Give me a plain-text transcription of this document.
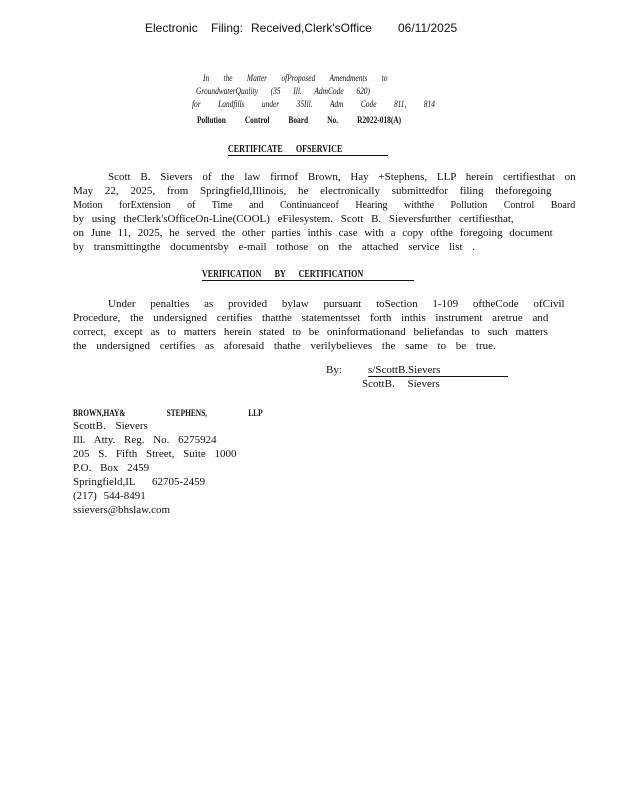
Electronic Filing: Received,Clerk'sOffice 06/11/2025
In the Matter ofProposed Amendments to
GroundwaterQuality (35 Ill. AdmCode 620)
for Landfills under 35Ill. Adm Code 811, 814
Pollution Control Board No. R2022-018(A)
CERTIFICATE OFSERVICE
Scott B. Sievers of the law firmof Brown, Hay +Stephens, LLP herein certifiesthat on
May 22, 2025, from Springfield,Illinois, he electronically submittedfor filing theforegoing
Motion forExtension of Time and Continuanceof Hearing withthe Pollution Control Board
by using theClerk'sOfficeOn-Line(COOL) eFilesystem. Scott B. Sieversfurther certifiesthat,
on June 11, 2025, he served the other parties inthis case with a copy ofthe foregoing document
by transmittingthe documentsby e-mail tothose on the attached service list .
VERIFICATION BY CERTIFICATION
Under penalties as provided bylaw pursuant toSection 1-109 oftheCode ofCivil
Procedure, the undersigned certifies thatthe statementsset forth inthis instrument aretrue and
correct, except as to matters herein stated to be oninformationand beliefandas to such matters
the undersigned certifies as aforesaid thathe verilybelieves the same to be true.
By: s/ScottB.Sievers
ScottB. Sievers
BROWN,HAY& STEPHENS, LLP
ScottB. Sievers
Ill. Atty. Reg. No. 6275924
205 S. Fifth Street, Suite 1000
P.O. Box 2459
Springfield,IL 62705-2459
(217) 544-8491
ssievers@bhslaw.com
